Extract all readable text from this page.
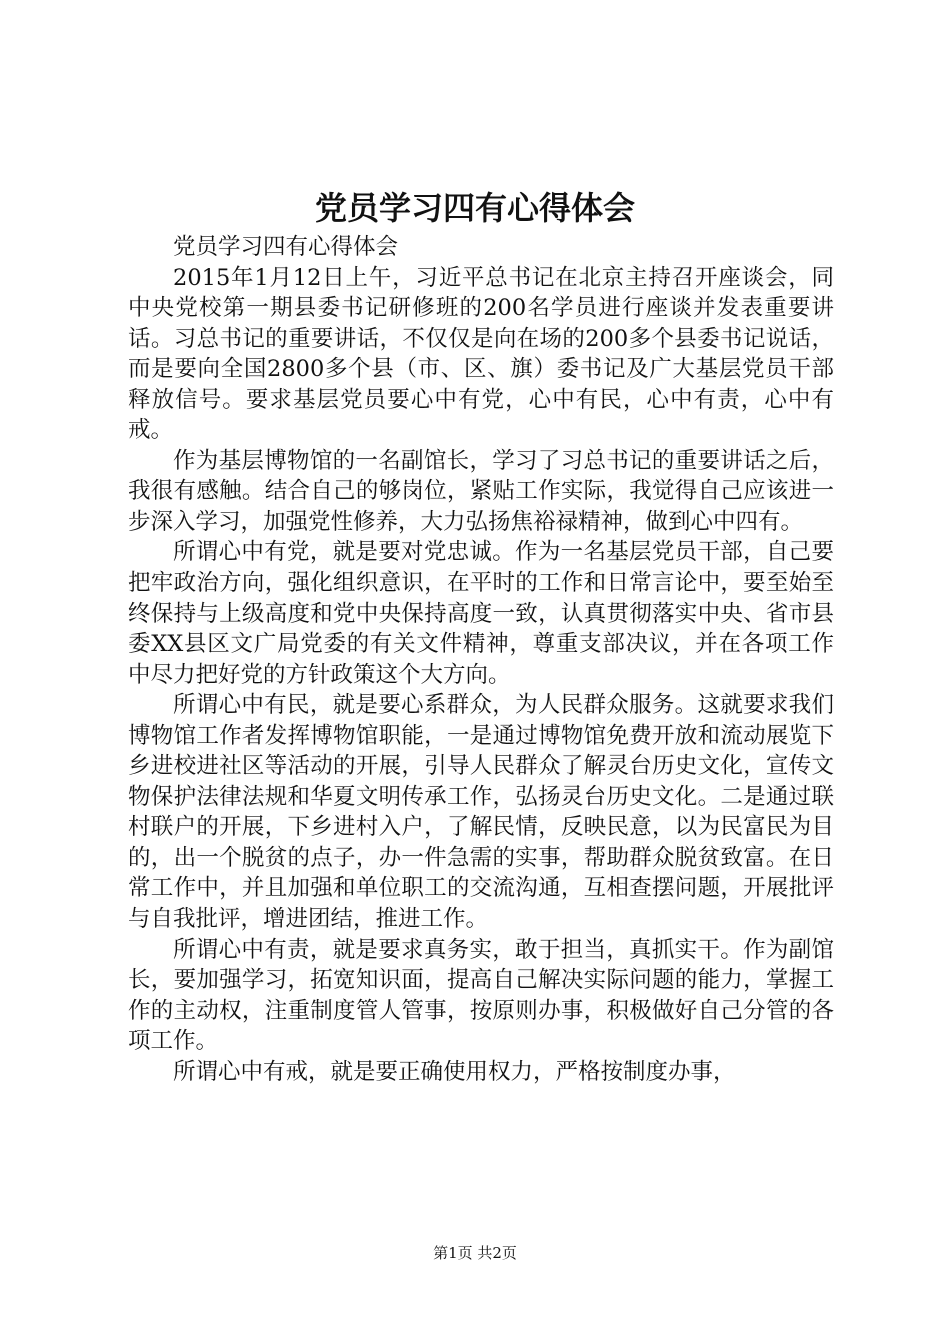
党员学习四有心得体会

党员学习四有心得体会

2015年1月12日上午，习近平总书记在北京主持召开座谈会，同中央党校第一期县委书记研修班的200名学员进行座谈并发表重要讲话。习总书记的重要讲话，不仅仅是向在场的200多个县委书记说话，而是要向全国2800多个县（市、区、旗）委书记及广大基层党员干部释放信号。要求基层党员要心中有党，心中有民，心中有责，心中有戒。

作为基层博物馆的一名副馆长，学习了习总书记的重要讲话之后，我很有感触。结合自己的够岗位，紧贴工作实际，我觉得自己应该进一步深入学习，加强党性修养，大力弘扬焦裕禄精神，做到心中四有。

所谓心中有党，就是要对党忠诚。作为一名基层党员干部，自己要把牢政治方向，强化组织意识，在平时的工作和日常言论中，要至始至终保持与上级高度和党中央保持高度一致，认真贯彻落实中央、省市县委XX县区文广局党委的有关文件精神，尊重支部决议，并在各项工作中尽力把好党的方针政策这个大方向。

所谓心中有民，就是要心系群众，为人民群众服务。这就要求我们博物馆工作者发挥博物馆职能，一是通过博物馆免费开放和流动展览下乡进校进社区等活动的开展，引导人民群众了解灵台历史文化，宣传文物保护法律法规和华夏文明传承工作，弘扬灵台历史文化。二是通过联村联户的开展，下乡进村入户，了解民情，反映民意，以为民富民为目的，出一个脱贫的点子，办一件急需的实事，帮助群众脱贫致富。在日常工作中，并且加强和单位职工的交流沟通，互相查摆问题，开展批评与自我批评，增进团结，推进工作。

所谓心中有责，就是要求真务实，敢于担当，真抓实干。作为副馆长，要加强学习，拓宽知识面，提高自己解决实际问题的能力，掌握工作的主动权，注重制度管人管事，按原则办事，积极做好自己分管的各项工作。

所谓心中有戒，就是要正确使用权力，严格按制度办事，

第1页 共2页
